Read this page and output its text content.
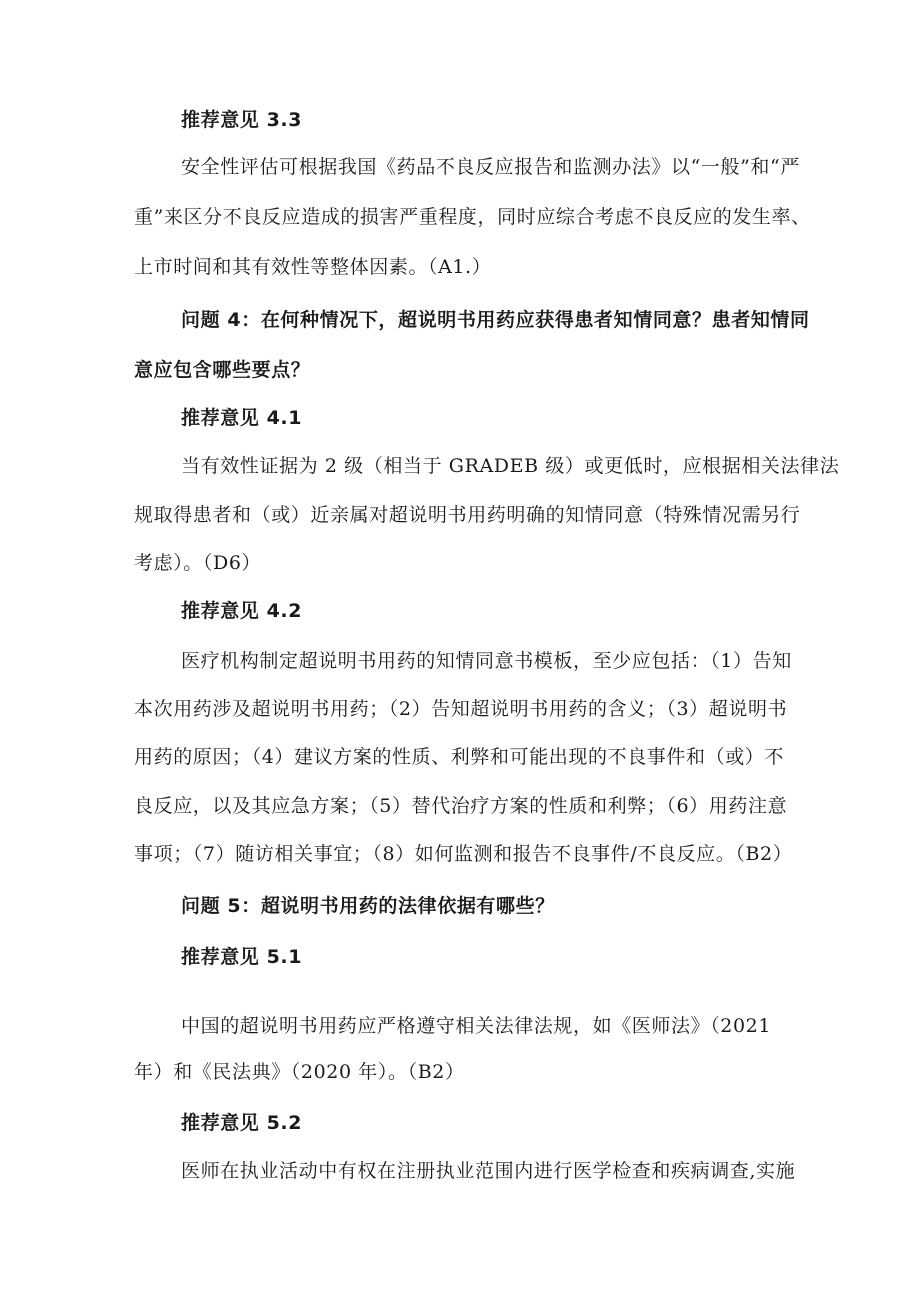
推荐意见 3.3
安全性评估可根据我国《药品不良反应报告和监测办法》以“一般”和“严
重”来区分不良反应造成的损害严重程度，同时应综合考虑不良反应的发生率、
上市时间和其有效性等整体因素。（A1.）
问题 4：在何种情况下，超说明书用药应获得患者知情同意？患者知情同
意应包含哪些要点？
推荐意见 4.1
当有效性证据为 2 级（相当于 GRADEB 级）或更低时，应根据相关法律法
规取得患者和（或）近亲属对超说明书用药明确的知情同意（特殊情况需另行
考虑）。（D6）
推荐意见 4.2
医疗机构制定超说明书用药的知情同意书模板，至少应包括：（1）告知
本次用药涉及超说明书用药；（2）告知超说明书用药的含义；（3）超说明书
用药的原因；（4）建议方案的性质、利弊和可能出现的不良事件和（或）不
良反应，以及其应急方案；（5）替代治疗方案的性质和利弊；（6）用药注意
事项；（7）随访相关事宜；（8）如何监测和报告不良事件/不良反应。（B2）
问题 5：超说明书用药的法律依据有哪些？
推荐意见 5.1
中国的超说明书用药应严格遵守相关法律法规，如《医师法》（2021
年）和《民法典》（2020 年）。（B2）
推荐意见 5.2
医师在执业活动中有权在注册执业范围内进行医学检查和疾病调查,实施
